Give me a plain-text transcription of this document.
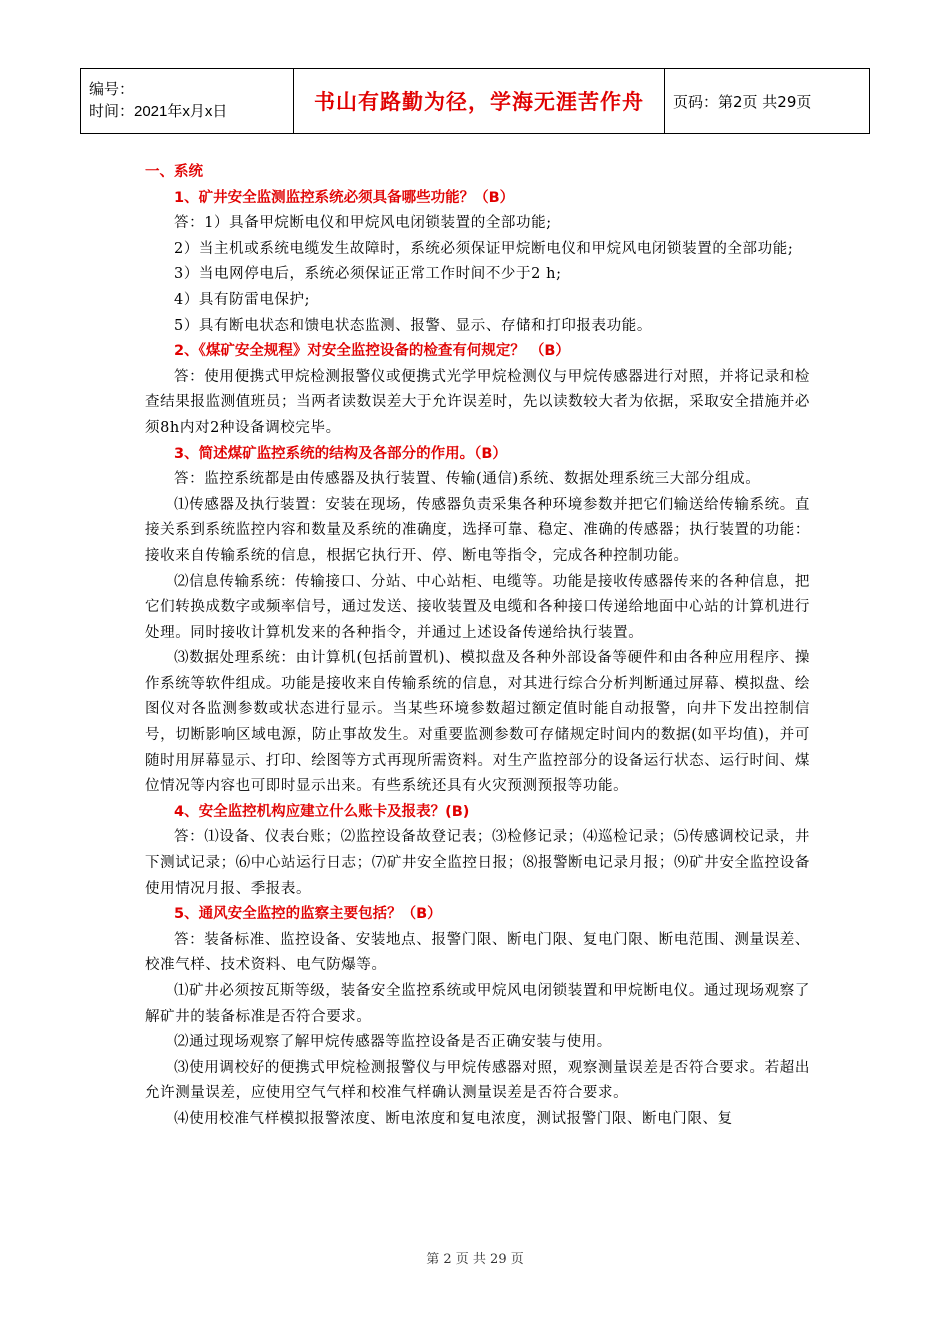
编号：
时间：2021年x月x日	书山有路勤为径，学海无涯苦作舟	页码：第2页 共29页

一、系统

1、矿井安全监测监控系统必须具备哪些功能？（B）

答：1）具备甲烷断电仪和甲烷风电闭锁装置的全部功能;

2）当主机或系统电缆发生故障时，系统必须保证甲烷断电仪和甲烷风电闭锁装置的全部功能;

3）当电网停电后，系统必须保证正常工作时间不少于2 h;

4）具有防雷电保护;

5）具有断电状态和馈电状态监测、报警、显示、存储和打印报表功能。

2、《煤矿安全规程》对安全监控设备的检查有何规定？ （B）

答：使用便携式甲烷检测报警仪或便携式光学甲烷检测仪与甲烷传感器进行对照，并将记录和检查结果报监测值班员；当两者读数误差大于允许误差时，先以读数较大者为依据，采取安全措施并必须8h内对2种设备调校完毕。

3、简述煤矿监控系统的结构及各部分的作用。（B）

答：监控系统都是由传感器及执行装置、传输(通信)系统、数据处理系统三大部分组成。

⑴传感器及执行装置：安装在现场，传感器负责采集各种环境参数并把它们输送给传输系统。直接关系到系统监控内容和数量及系统的准确度，选择可靠、稳定、准确的传感器；执行装置的功能：接收来自传输系统的信息，根据它执行开、停、断电等指令，完成各种控制功能。

⑵信息传输系统：传输接口、分站、中心站柜、电缆等。功能是接收传感器传来的各种信息，把它们转换成数字或频率信号，通过发送、接收装置及电缆和各种接口传递给地面中心站的计算机进行处理。同时接收计算机发来的各种指令，并通过上述设备传递给执行装置。

⑶数据处理系统：由计算机(包括前置机)、模拟盘及各种外部设备等硬件和由各种应用程序、操作系统等软件组成。功能是接收来自传输系统的信息，对其进行综合分析判断通过屏幕、模拟盘、绘图仪对各监测参数或状态进行显示。当某些环境参数超过额定值时能自动报警，向井下发出控制信号，切断影响区域电源，防止事故发生。对重要监测参数可存储规定时间内的数据(如平均值)，并可随时用屏幕显示、打印、绘图等方式再现所需资料。对生产监控部分的设备运行状态、运行时间、煤位情况等内容也可即时显示出来。有些系统还具有火灾预测预报等功能。

4、安全监控机构应建立什么账卡及报表？(B)

答：⑴设备、仪表台账；⑵监控设备故登记表；⑶检修记录；⑷巡检记录；⑸传感调校记录，井下测试记录；⑹中心站运行日志；⑺矿井安全监控日报；⑻报警断电记录月报；⑼矿井安全监控设备使用情况月报、季报表。

5、通风安全监控的监察主要包括？（B）

答：装备标准、监控设备、安装地点、报警门限、断电门限、复电门限、断电范围、测量误差、校准气样、技术资料、电气防爆等。

⑴矿井必须按瓦斯等级，装备安全监控系统或甲烷风电闭锁装置和甲烷断电仪。通过现场观察了解矿井的装备标准是否符合要求。

⑵通过现场观察了解甲烷传感器等监控设备是否正确安装与使用。

⑶使用调校好的便携式甲烷检测报警仪与甲烷传感器对照，观察测量误差是否符合要求。若超出允许测量误差，应使用空气气样和校准气样确认测量误差是否符合要求。

⑷使用校准气样模拟报警浓度、断电浓度和复电浓度，测试报警门限、断电门限、复

第 2 页 共 29 页
